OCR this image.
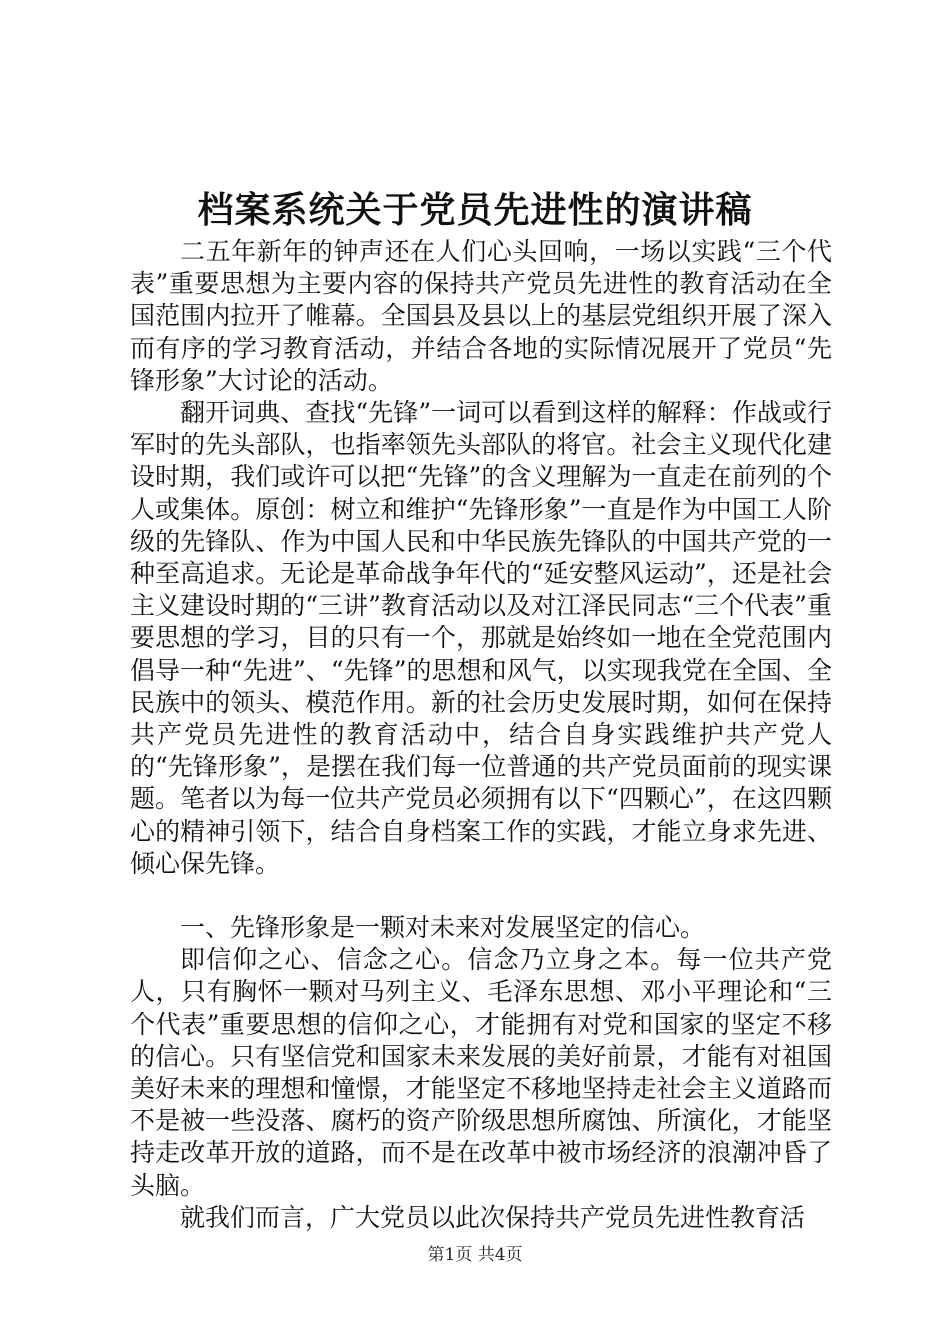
档案系统关于党员先进性的演讲稿

二五年新年的钟声还在人们心头回响，一场以实践“三个代表”重要思想为主要内容的保持共产党员先进性的教育活动在全国范围内拉开了帷幕。全国县及县以上的基层党组织开展了深入而有序的学习教育活动，并结合各地的实际情况展开了党员“先锋形象”大讨论的活动。

翻开词典、查找“先锋”一词可以看到这样的解释：作战或行军时的先头部队，也指率领先头部队的将官。社会主义现代化建设时期，我们或许可以把“先锋”的含义理解为一直走在前列的个人或集体。原创：树立和维护“先锋形象”一直是作为中国工人阶级的先锋队、作为中国人民和中华民族先锋队的中国共产党的一种至高追求。无论是革命战争年代的“延安整风运动”，还是社会主义建设时期的“三讲”教育活动以及对江泽民同志“三个代表”重要思想的学习，目的只有一个，那就是始终如一地在全党范围内倡导一种“先进”、“先锋”的思想和风气，以实现我党在全国、全民族中的领头、模范作用。新的社会历史发展时期，如何在保持共产党员先进性的教育活动中，结合自身实践维护共产党人的“先锋形象”，是摆在我们每一位普通的共产党员面前的现实课题。笔者以为每一位共产党员必须拥有以下“四颗心”，在这四颗心的精神引领下，结合自身档案工作的实践，才能立身求先进、倾心保先锋。

一、先锋形象是一颗对未来对发展坚定的信心。

即信仰之心、信念之心。信念乃立身之本。每一位共产党人，只有胸怀一颗对马列主义、毛泽东思想、邓小平理论和“三个代表”重要思想的信仰之心，才能拥有对党和国家的坚定不移的信心。只有坚信党和国家未来发展的美好前景，才能有对祖国美好未来的理想和憧憬，才能坚定不移地坚持走社会主义道路而不是被一些没落、腐朽的资产阶级思想所腐蚀、所演化，才能坚持走改革开放的道路，而不是在改革中被市场经济的浪潮冲昏了头脑。

就我们而言，广大党员以此次保持共产党员先进性教育活

第1页 共4页
